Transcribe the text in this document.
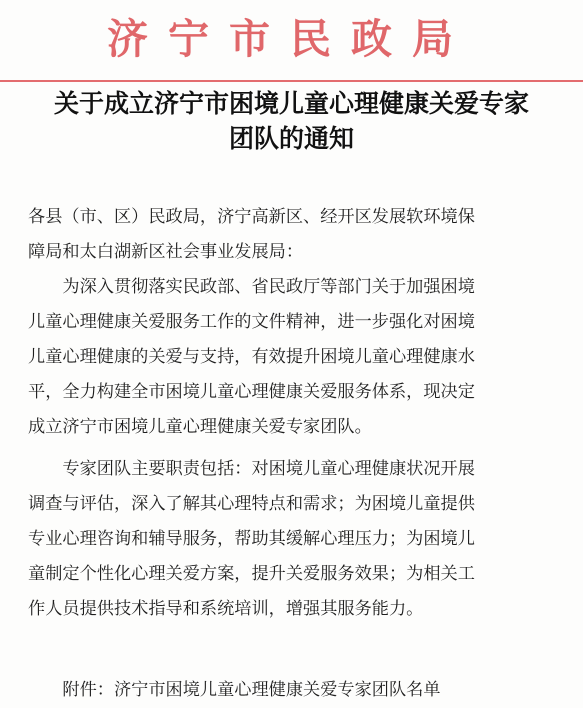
济宁市民政局
关于成立济宁市困境儿童心理健康关爱专家
团队的通知
各县（市、区）民政局，济宁高新区、经开区发展软环境保
障局和太白湖新区社会事业发展局：
　　为深入贯彻落实民政部、省民政厅等部门关于加强困境
儿童心理健康关爱服务工作的文件精神，进一步强化对困境
儿童心理健康的关爱与支持，有效提升困境儿童心理健康水
平，全力构建全市困境儿童心理健康关爱服务体系，现决定
成立济宁市困境儿童心理健康关爱专家团队。
　　专家团队主要职责包括：对困境儿童心理健康状况开展
调查与评估，深入了解其心理特点和需求；为困境儿童提供
专业心理咨询和辅导服务，帮助其缓解心理压力；为困境儿
童制定个性化心理关爱方案，提升关爱服务效果；为相关工
作人员提供技术指导和系统培训，增强其服务能力。
　　附件：济宁市困境儿童心理健康关爱专家团队名单
